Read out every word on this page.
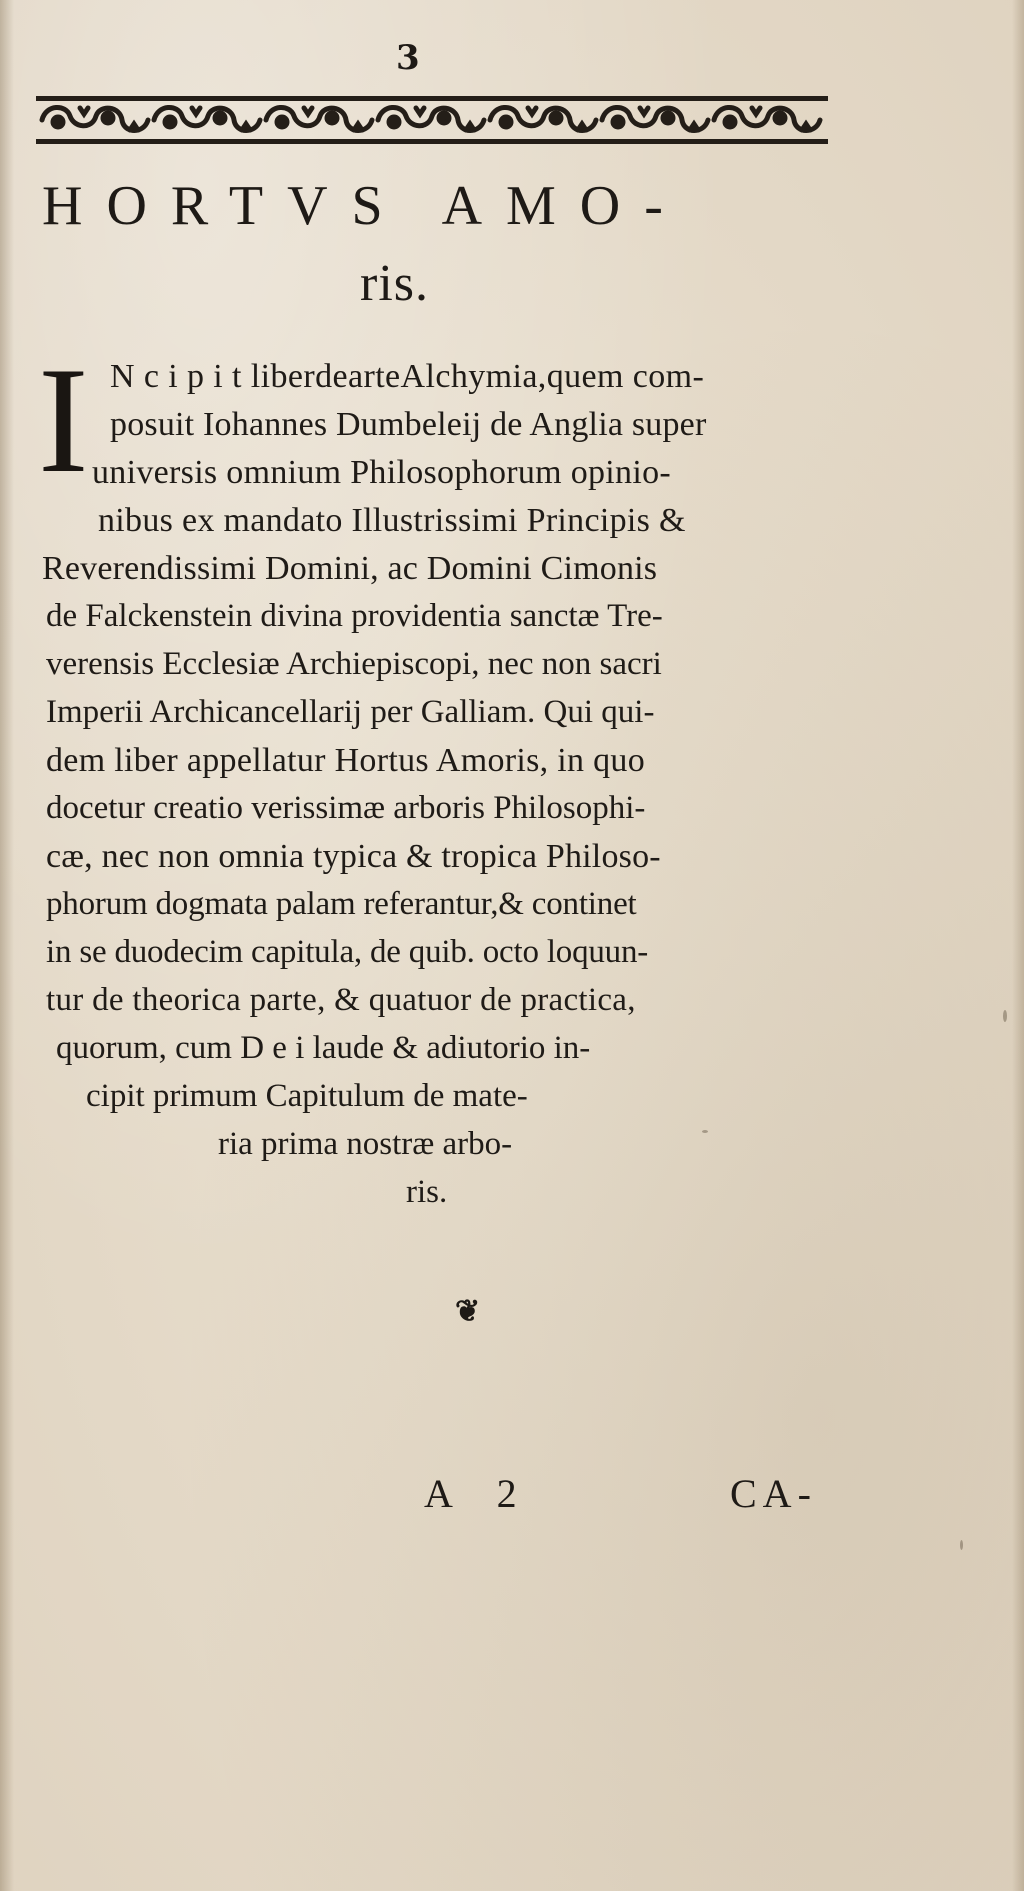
3
HORTVS AMO-
ris.
I N c i p i t liberdearteAlchymia,quem com-
posuit Iohannes Dumbeleij de Anglia super
universis omnium Philosophorum opinio-
nibus ex mandato Illustrissimi Principis &
Reverendissimi Domini, ac Domini Cimonis
de Falckenstein divina providentia sanctæ Tre-
verensis Ecclesiæ Archiepiscopi, nec non sacri
Imperii Archicancellarij per Galliam. Qui qui-
dem liber appellatur Hortus Amoris, in quo
docetur creatio verissimæ arboris Philosophi-
cæ, nec non omnia typica & tropica Philoso-
phorum dogmata palam referantur,& continet
in se duodecim capitula, de quib. octo loquun-
tur de theorica parte, & quatuor de practica,
quorum, cum D e i laude & adiutorio in-
cipit primum Capitulum de mate-
ria prima nostræ arbo-
ris.
❦
A 2	CA-
